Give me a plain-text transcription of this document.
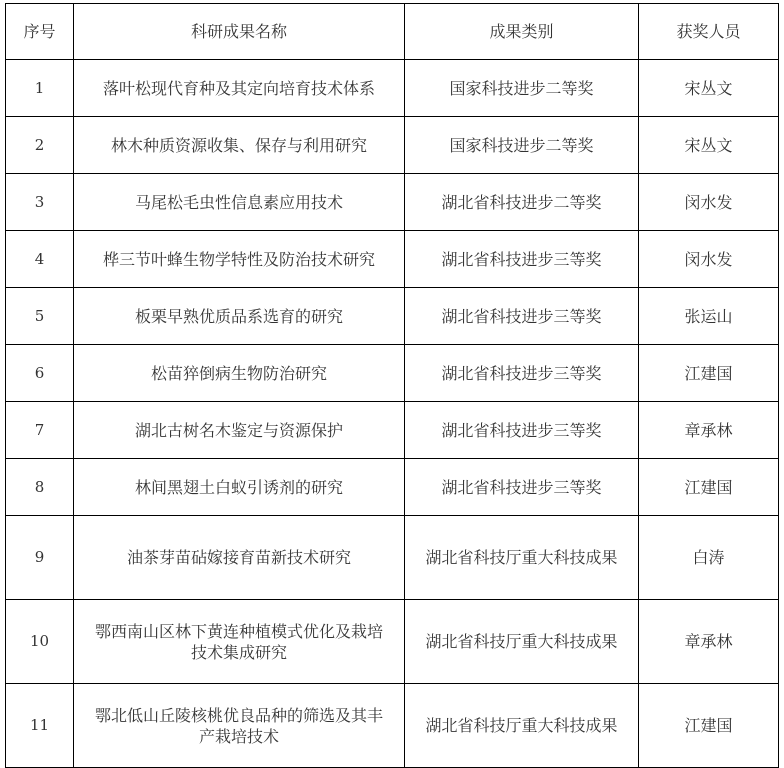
序号	科研成果名称	成果类别	获奖人员
1	落叶松现代育种及其定向培育技术体系	国家科技进步二等奖	宋丛文
2	林木种质资源收集、保存与利用研究	国家科技进步二等奖	宋丛文
3	马尾松毛虫性信息素应用技术	湖北省科技进步二等奖	闵水发
4	桦三节叶蜂生物学特性及防治技术研究	湖北省科技进步三等奖	闵水发
5	板栗早熟优质品系选育的研究	湖北省科技进步三等奖	张运山
6	松苗猝倒病生物防治研究	湖北省科技进步三等奖	江建国
7	湖北古树名木鉴定与资源保护	湖北省科技进步三等奖	章承林
8	林间黑翅土白蚁引诱剂的研究	湖北省科技进步三等奖	江建国
9	油茶芽苗砧嫁接育苗新技术研究	湖北省科技厅重大科技成果	白涛
10	鄂西南山区林下黄连种植模式优化及栽培技术集成研究	湖北省科技厅重大科技成果	章承林
11	鄂北低山丘陵核桃优良品种的筛选及其丰产栽培技术	湖北省科技厅重大科技成果	江建国
